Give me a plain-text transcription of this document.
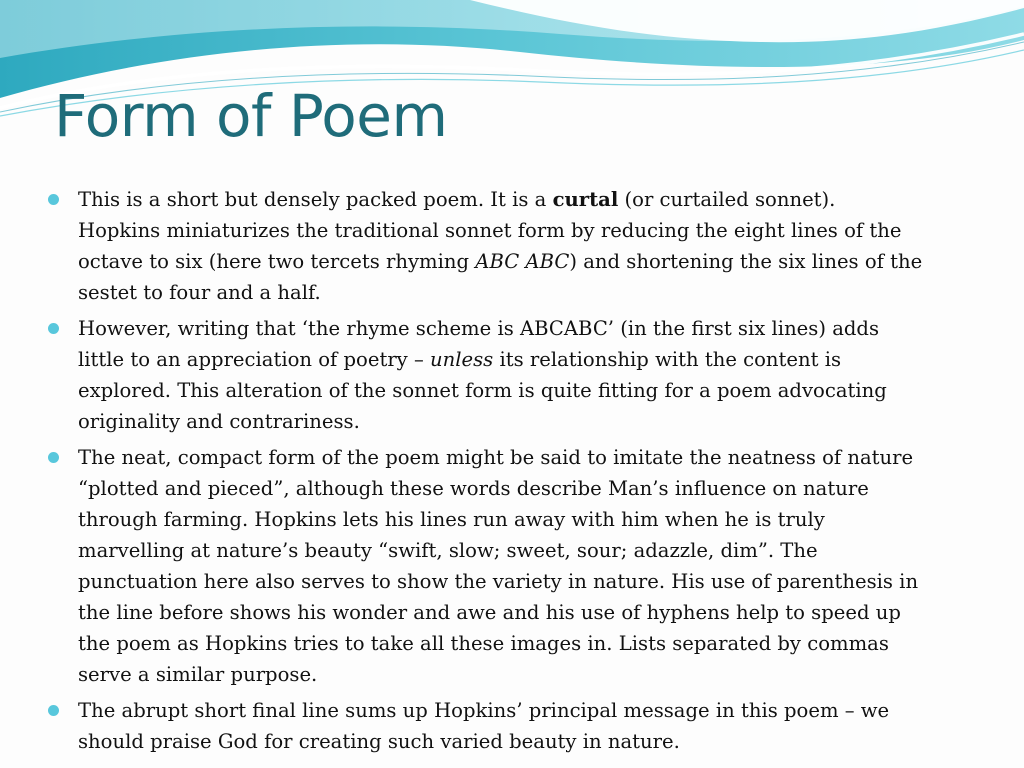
Form of Poem
This is a short but densely packed poem. It is a curtal (or curtailed sonnet).
Hopkins miniaturizes the traditional sonnet form by reducing the eight lines of the
octave to six (here two tercets rhyming ABC ABC) and shortening the six lines of the
sestet to four and a half.
However, writing that ‘the rhyme scheme is ABCABC’ (in the first six lines) adds
little to an appreciation of poetry – unless its relationship with the content is
explored. This alteration of the sonnet form is quite fitting for a poem advocating
originality and contrariness.
The neat, compact form of the poem might be said to imitate the neatness of nature
“plotted and pieced”, although these words describe Man’s influence on nature
through farming. Hopkins lets his lines run away with him when he is truly
marvelling at nature’s beauty “swift, slow; sweet, sour; adazzle, dim”. The
punctuation here also serves to show the variety in nature. His use of parenthesis in
the line before shows his wonder and awe and his use of hyphens help to speed up
the poem as Hopkins tries to take all these images in. Lists separated by commas
serve a similar purpose.
The abrupt short final line sums up Hopkins’ principal message in this poem – we
should praise God for creating such varied beauty in nature.
